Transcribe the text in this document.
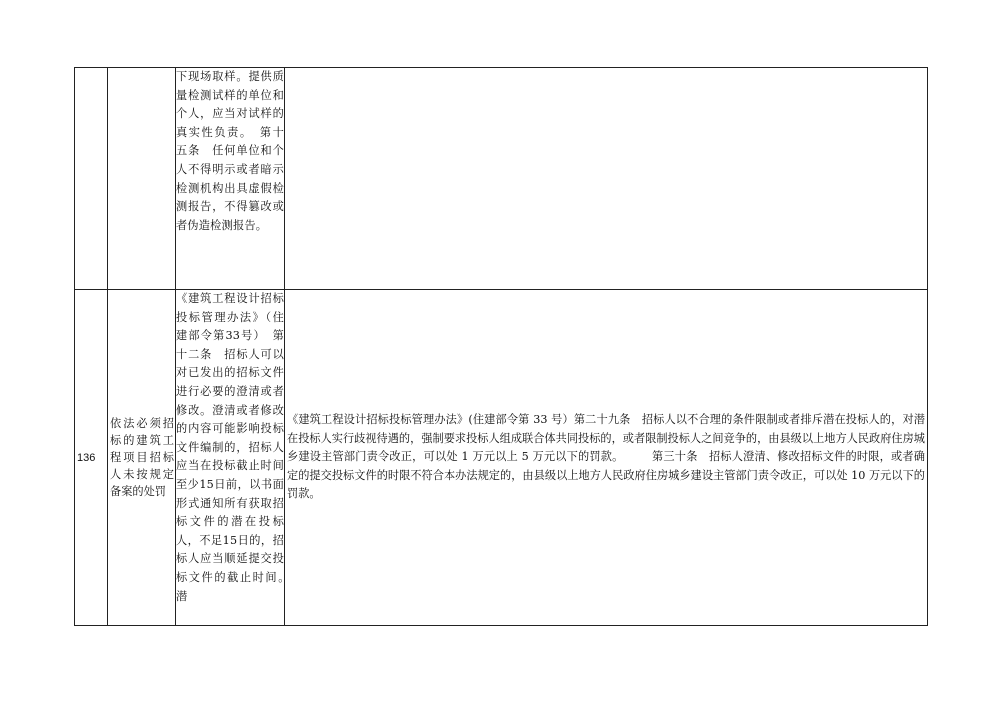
		下现场取样。提供质量检测试样的单位和个人，应当对试样的真实性负责。　第十五条　任何单位和个人不得明示或者暗示检测机构出具虚假检测报告，不得篡改或者伪造检测报告。	
136	依法必须招标的建筑工程项目招标人未按规定备案的处罚	《建筑工程设计招标投标管理办法》（住建部令第33号）　第十二条　招标人可以对已发出的招标文件进行必要的澄清或者修改。澄清或者修改的内容可能影响投标文件编制的，招标人应当在投标截止时间至少15日前，以书面形式通知所有获取招标文件的潜在投标人，不足15日的，招标人应当顺延提交投标文件的截止时间。　潜	《建筑工程设计招标投标管理办法》(住建部令第 33 号）第二十九条　招标人以不合理的条件限制或者排斥潜在投标人的，对潜在投标人实行歧视待遇的，强制要求投标人组成联合体共同投标的，或者限制投标人之间竞争的，由县级以上地方人民政府住房城乡建设主管部门责令改正，可以处 1 万元以上 5 万元以下的罚款。　　　第三十条　招标人澄清、修改招标文件的时限，或者确定的提交投标文件的时限不符合本办法规定的，由县级以上地方人民政府住房城乡建设主管部门责令改正，可以处 10 万元以下的罚款。
